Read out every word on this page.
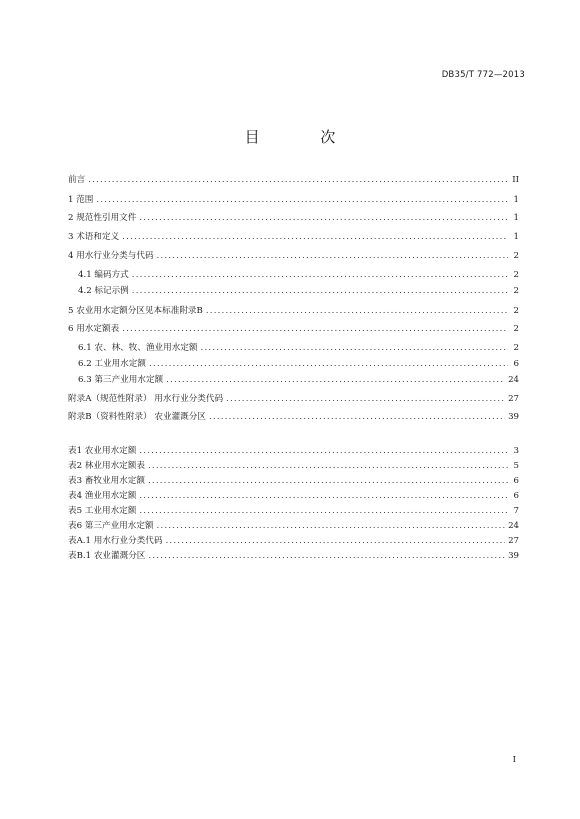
DB35/T 772—2013
目 次
前言 .....	II
1 范围 .....	1
2 规范性引用文件 .....	1
3 术语和定义 .....	1
4 用水行业分类与代码 .....	2
4.1 编码方式 .....	2
4.2 标记示例 .....	2
5 农业用水定额分区见本标准附录B .....	2
6 用水定额表 .....	2
6.1 农、林、牧、渔业用水定额 .....	2
6.2 工业用水定额 .....	6
6.3 第三产业用水定额 .....	24
附录A（规范性附录） 用水行业分类代码 .....	27
附录B（资料性附录） 农业灌溉分区 .....	39
表1 农业用水定额 .....	3
表2 林业用水定额表 .....	5
表3 畜牧业用水定额 .....	6
表4 渔业用水定额 .....	6
表5 工业用水定额 .....	7
表6 第三产业用水定额 .....	24
表A.1 用水行业分类代码 .....	27
表B.1 农业灌溉分区 .....	39
I
